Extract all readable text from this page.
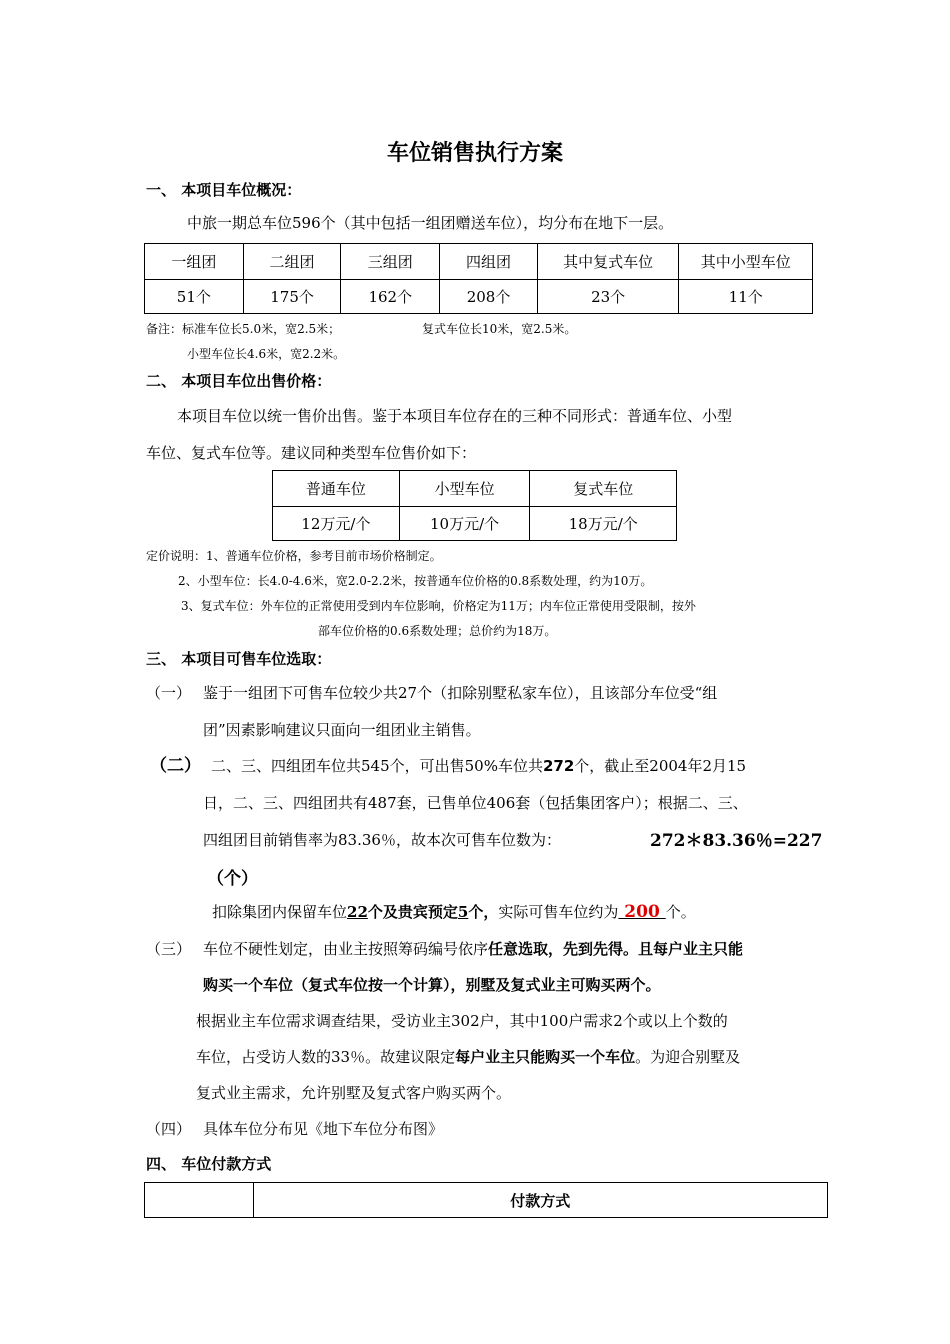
车位销售执行方案
一、 本项目车位概况：
中旅一期总车位596个（其中包括一组团赠送车位），均分布在地下一层。
一组团	二组团	三组团	四组团	其中复式车位	其中小型车位
51个	175个	162个	208个	23个	11个
备注：标准车位长5.0米，宽2.5米；	复式车位长10米，宽2.5米。
小型车位长4.6米，宽2.2米。
二、 本项目车位出售价格：
本项目车位以统一售价出售。鉴于本项目车位存在的三种不同形式：普通车位、小型
车位、复式车位等。建议同种类型车位售价如下：
普通车位	小型车位	复式车位
12万元/个	10万元/个	18万元/个
定价说明：1、普通车位价格，参考目前市场价格制定。
2、小型车位：长4.0-4.6米，宽2.0-2.2米，按普通车位价格的0.8系数处理，约为10万。
3、复式车位：外车位的正常使用受到内车位影响，价格定为11万；内车位正常使用受限制，按外
部车位价格的0.6系数处理；总价约为18万。
三、 本项目可售车位选取：
（一） 鉴于一组团下可售车位较少共27个（扣除别墅私家车位），且该部分车位受“组
团”因素影响建议只面向一组团业主销售。
（二） 二、三、四组团车位共545个，可出售50%车位共272个，截止至2004年2月15
日，二、三、四组团共有487套，已售单位406套（包括集团客户）；根据二、三、
四组团目前销售率为83.36％，故本次可售车位数为：	272＊83.36％=227
（个）
扣除集团内保留车位22个及贵宾预定5个，实际可售车位约为 200 个。
（三） 车位不硬性划定，由业主按照筹码编号依序任意选取，先到先得。且每户业主只能
购买一个车位（复式车位按一个计算），别墅及复式业主可购买两个。
根据业主车位需求调查结果，受访业主302户，其中100户需求2个或以上个数的
车位，占受访人数的33％。故建议限定每户业主只能购买一个车位。为迎合别墅及
复式业主需求，允许别墅及复式客户购买两个。
（四） 具体车位分布见《地下车位分布图》
四、 车位付款方式
	付款方式
